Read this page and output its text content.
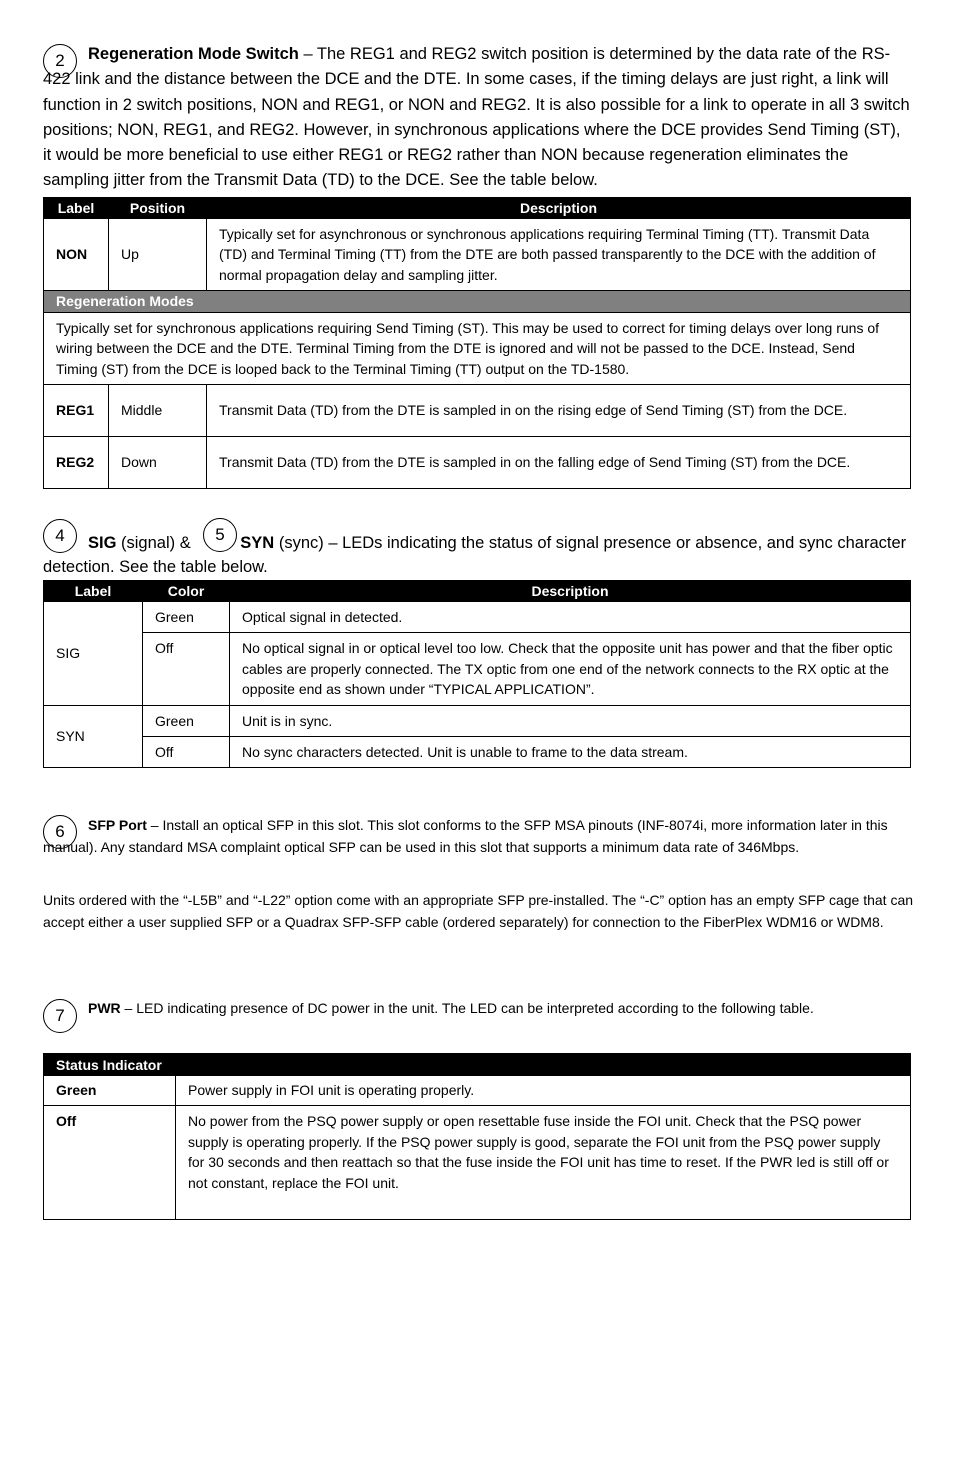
2	Regeneration Mode Switch – The REG1 and REG2 switch position is determined by the data rate of the RS-422 link and the distance between the DCE and the DTE. In some cases, if the timing delays are just right, a link will function in 2 switch positions, NON and REG1, or NON and REG2. It is also possible for a link to operate in all 3 switch positions; NON, REG1, and REG2. However, in synchronous applications where the DCE provides Send Timing (ST), it would be more beneficial to use either REG1 or REG2 rather than NON because regeneration eliminates the sampling jitter from the Transmit Data (TD) to the DCE. See the table below.
Label	Position	Description
NON	Up	Typically set for asynchronous or synchronous applications requiring Terminal Timing (TT). Transmit Data (TD) and Terminal Timing (TT) from the DTE are both passed transparently to the DCE with the addition of normal propagation delay and sampling jitter.
Regeneration Modes		
Typically set for synchronous applications requiring Send Timing (ST). This may be used to correct for timing delays over long runs of wiring between the DCE and the DTE. Terminal Timing from the DTE is ignored and will not be passed to the DCE. Instead, Send Timing (ST) from the DCE is looped back to the Terminal Timing (TT) output on the TD-1580.		
REG1	Middle	Transmit Data (TD) from the DTE is sampled in on the rising edge of Send Timing (ST) from the DCE.
REG2	Down	Transmit Data (TD) from the DTE is sampled in on the falling edge of Send Timing (ST) from the DCE.
4	5
SIG (signal) &	SYN (sync) – LEDs indicating the status of signal presence or absence, and sync character detection. See the table below.
Label	Color	Description
SIG	Green	Optical signal in detected.
	Off	No optical signal in or optical level too low. Check that the opposite unit has power and that the fiber optic cables are properly connected. The TX optic from one end of the network connects to the RX optic at the opposite end as shown under “TYPICAL APPLICATION”.
SYN	Green	Unit is in sync.
	Off	No sync characters detected. Unit is unable to frame to the data stream.
6	SFP Port – Install an optical SFP in this slot. This slot conforms to the SFP MSA pinouts (INF-8074i, more information later in this manual). Any standard MSA complaint optical SFP can be used in this slot that supports a minimum data rate of 346Mbps.
Units ordered with the “-L5B” and “-L22” option come with an appropriate SFP pre-installed. The “-C” option has an empty SFP cage that can accept either a user supplied SFP or a Quadrax SFP-SFP cable (ordered separately) for connection to the FiberPlex WDM16 or WDM8.
7	PWR – LED indicating presence of DC power in the unit. The LED can be interpreted according to the following table.
Status Indicator	
Green	Power supply in FOI unit is operating properly.
Off	No power from the PSQ power supply or open resettable fuse inside the FOI unit. Check that the PSQ power supply is operating properly. If the PSQ power supply is good, separate the FOI unit from the PSQ power supply for 30 seconds and then reattach so that the fuse inside the FOI unit has time to reset. If the PWR led is still off or not constant, replace the FOI unit.
